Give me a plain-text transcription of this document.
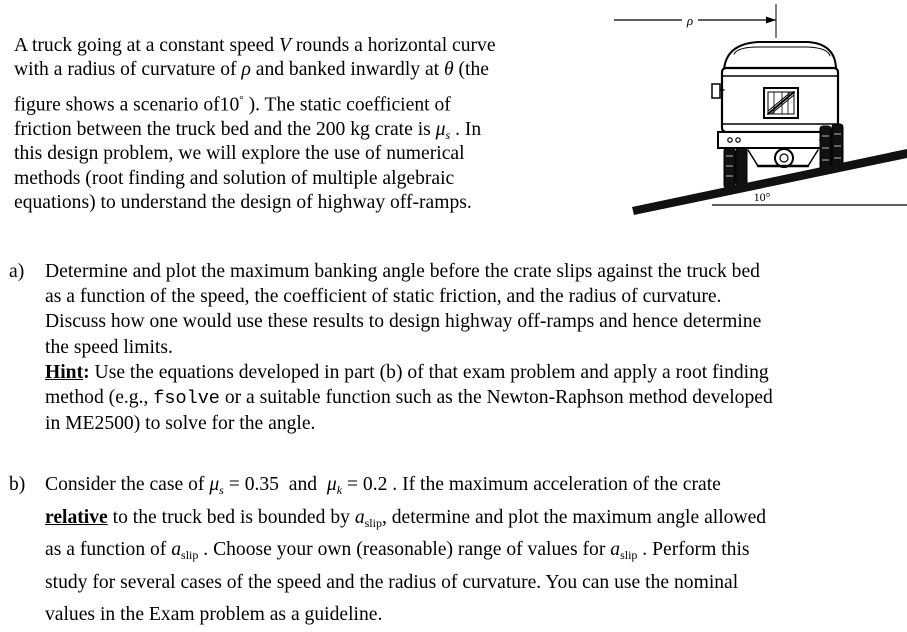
A truck going at a constant speed V rounds a horizontal curve
with a radius of curvature of ρ and banked inwardly at θ (the
figure shows a scenario of10° ). The static coefficient of
friction between the truck bed and the 200 kg crate is $\mu_s$ . In
this design problem, we will explore the use of numerical
methods (root finding and solution of multiple algebraic
equations) to understand the design of highway off-ramps.
ρ
10°
a) Determine and plot the maximum banking angle before the crate slips against the truck bed
as a function of the speed, the coefficient of static friction, and the radius of curvature.
Discuss how one would use these results to design highway off-ramps and hence determine
the speed limits.
Hint: Use the equations developed in part (b) of that exam problem and apply a root finding
method (e.g., fsolve or a suitable function such as the Newton-Raphson method developed
in ME2500) to solve for the angle.
b) Consider the case of $\mu_s = 0.35$  and  $\mu_k = 0.2$ . If the maximum acceleration of the crate
relative to the truck bed is bounded by $a_{slip}$, determine and plot the maximum angle allowed
as a function of $a_{slip}$ . Choose your own (reasonable) range of values for $a_{slip}$ . Perform this
study for several cases of the speed and the radius of curvature. You can use the nominal
values in the Exam problem as a guideline.
